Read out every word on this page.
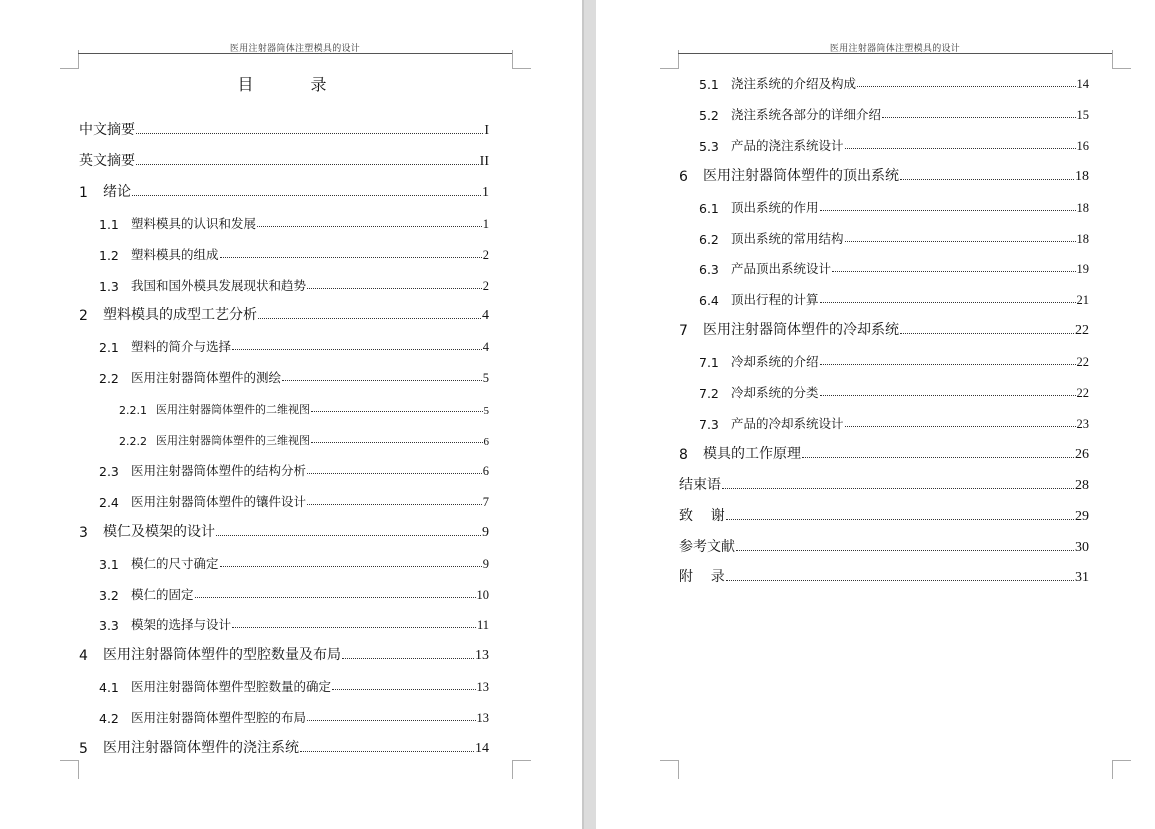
医用注射器筒体注塑模具的设计
目 录
中文摘要	I
英文摘要	II
1	绪论	1
1.1 塑料模具的认识和发展	1
1.2 塑料模具的组成	2
1.3 我国和国外模具发展现状和趋势	2
2	塑料模具的成型工艺分析	4
2.1 塑料的简介与选择	4
2.2 医用注射器筒体塑件的测绘	5
2.2.1 医用注射器筒体塑件的二维视图	5
2.2.2 医用注射器筒体塑件的三维视图	6
2.3 医用注射器筒体塑件的结构分析	6
2.4 医用注射器筒体塑件的镶件设计	7
3	模仁及模架的设计	9
3.1 模仁的尺寸确定	9
3.2 模仁的固定	10
3.3 模架的选择与设计	11
4	医用注射器筒体塑件的型腔数量及布局	13
4.1 医用注射器筒体塑件型腔数量的确定	13
4.2 医用注射器筒体塑件型腔的布局	13
5	医用注射器筒体塑件的浇注系统	14
医用注射器筒体注塑模具的设计
5.1 浇注系统的介绍及构成	14
5.2 浇注系统各部分的详细介绍	15
5.3 产品的浇注系统设计	16
6	医用注射器筒体塑件的顶出系统	18
6.1 顶出系统的作用	18
6.2 顶出系统的常用结构	18
6.3 产品顶出系统设计	19
6.4 顶出行程的计算	21
7	医用注射器筒体塑件的冷却系统	22
7.1 冷却系统的介绍	22
7.2 冷却系统的分类	22
7.3 产品的冷却系统设计	23
8	模具的工作原理	26
结束语	28
致    谢	29
参考文献	30
附    录	31
